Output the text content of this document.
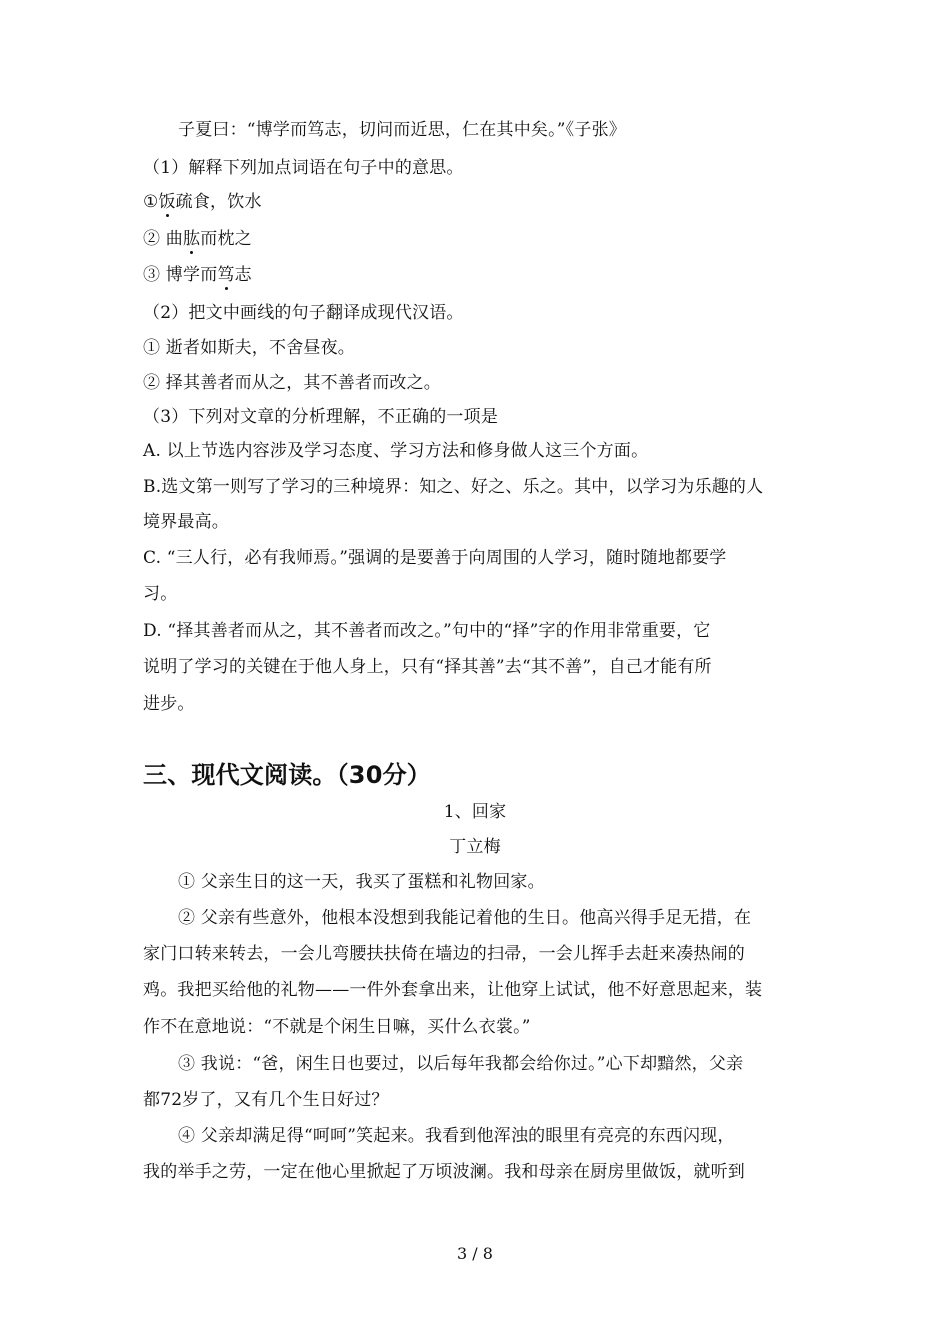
子夏曰：“博学而笃志，切问而近思，仁在其中矣。”《子张》
（1）解释下列加点词语在句子中的意思。
①饭疏食，饮水
② 曲肱而枕之
③ 博学而笃志
（2）把文中画线的句子翻译成现代汉语。
① 逝者如斯夫，不舍昼夜。
② 择其善者而从之，其不善者而改之。
（3）下列对文章的分析理解，不正确的一项是
A. 以上节选内容涉及学习态度、学习方法和修身做人这三个方面。
B.选文第一则写了学习的三种境界：知之、好之、乐之。其中，以学习为乐趣的人
境界最高。
C. “三人行，必有我师焉。”强调的是要善于向周围的人学习，随时随地都要学
习。
D. “择其善者而从之，其不善者而改之。”句中的“择”字的作用非常重要，它
说明了学习的关键在于他人身上，只有“择其善”去“其不善”，自己才能有所
进步。
三、现代文阅读。（30分）
1、回家
丁立梅
① 父亲生日的这一天，我买了蛋糕和礼物回家。
② 父亲有些意外，他根本没想到我能记着他的生日。他高兴得手足无措，在
家门口转来转去，一会儿弯腰扶扶倚在墙边的扫帚，一会儿挥手去赶来凑热闹的
鸡。我把买给他的礼物——一件外套拿出来，让他穿上试试，他不好意思起来，装
作不在意地说：“不就是个闲生日嘛，买什么衣裳。”
③ 我说：“爸，闲生日也要过，以后每年我都会给你过。”心下却黯然，父亲
都72岁了，又有几个生日好过？
④ 父亲却满足得“呵呵”笑起来。我看到他浑浊的眼里有亮亮的东西闪现，
我的举手之劳，一定在他心里掀起了万顷波澜。我和母亲在厨房里做饭，就听到
3 / 8
